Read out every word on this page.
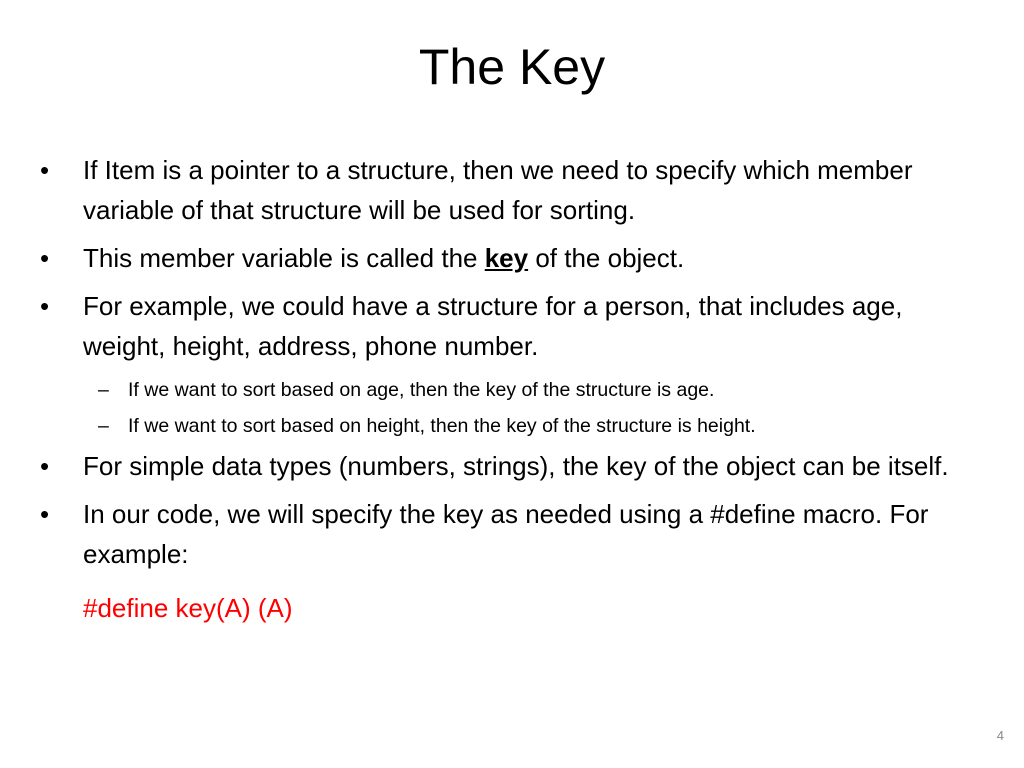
The Key
•	If Item is a pointer to a structure, then we need to specify which member variable of that structure will be used for sorting.
•	This member variable is called the key of the object.
•	For example, we could have a structure for a person, that includes age, weight, height, address, phone number.
– If we want to sort based on age, then the key of the structure is age.
– If we want to sort based on height, then the key of the structure is height.
•	For simple data types (numbers, strings), the key of the object can be itself.
•	In our code, we will specify the key as needed using a #define macro. For example:
#define key(A) (A)
4
